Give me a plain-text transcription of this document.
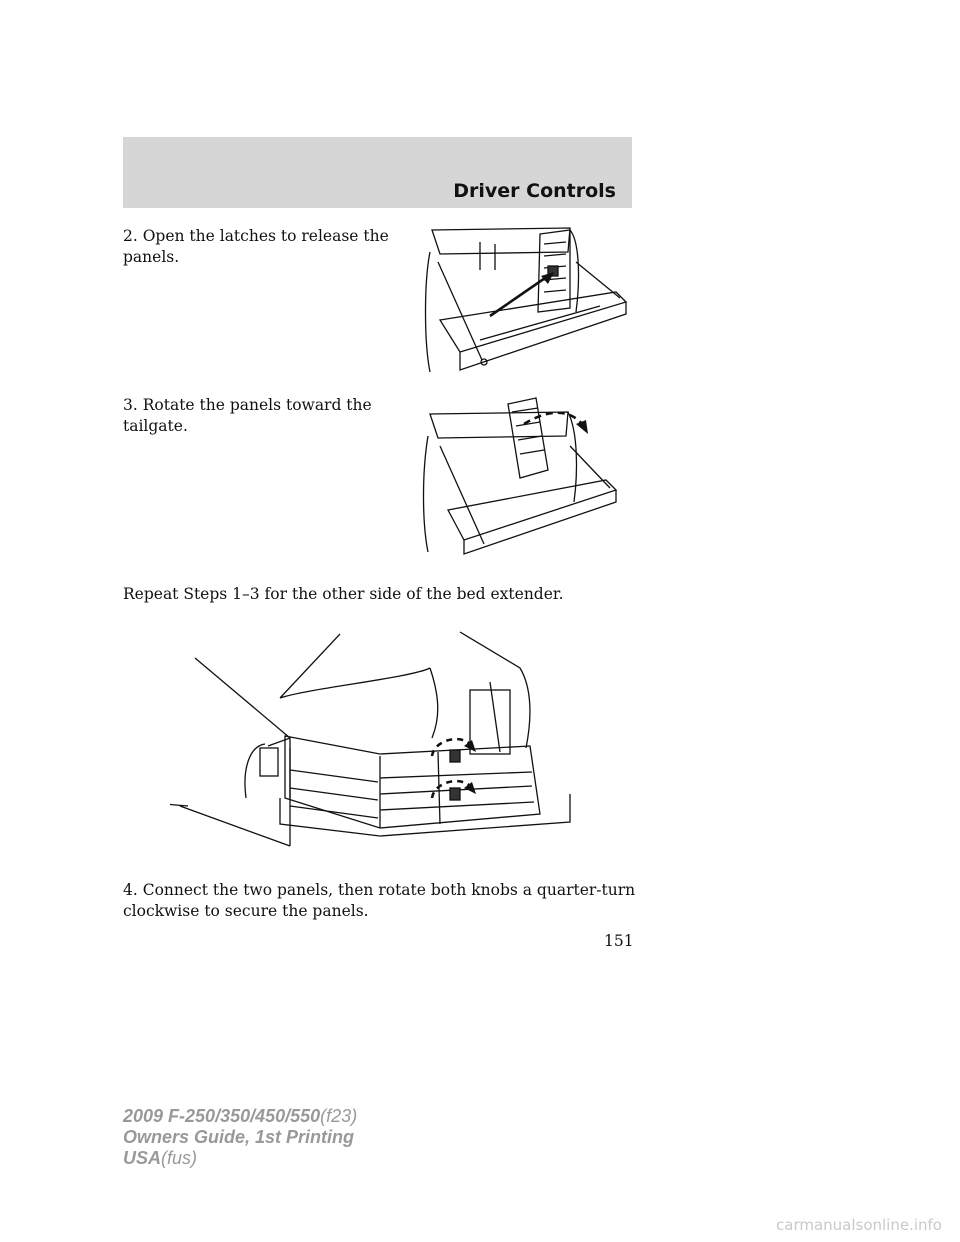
Driver Controls
2. Open the latches to release the panels.
3. Rotate the panels toward the tailgate.
Repeat Steps 1–3 for the other side of the bed extender.
4. Connect the two panels, then rotate both knobs a quarter-turn clockwise to secure the panels.
151
2009 F-250/350/450/550(f23)
Owners Guide, 1st Printing
USA(fus)
carmanualsonline.info
